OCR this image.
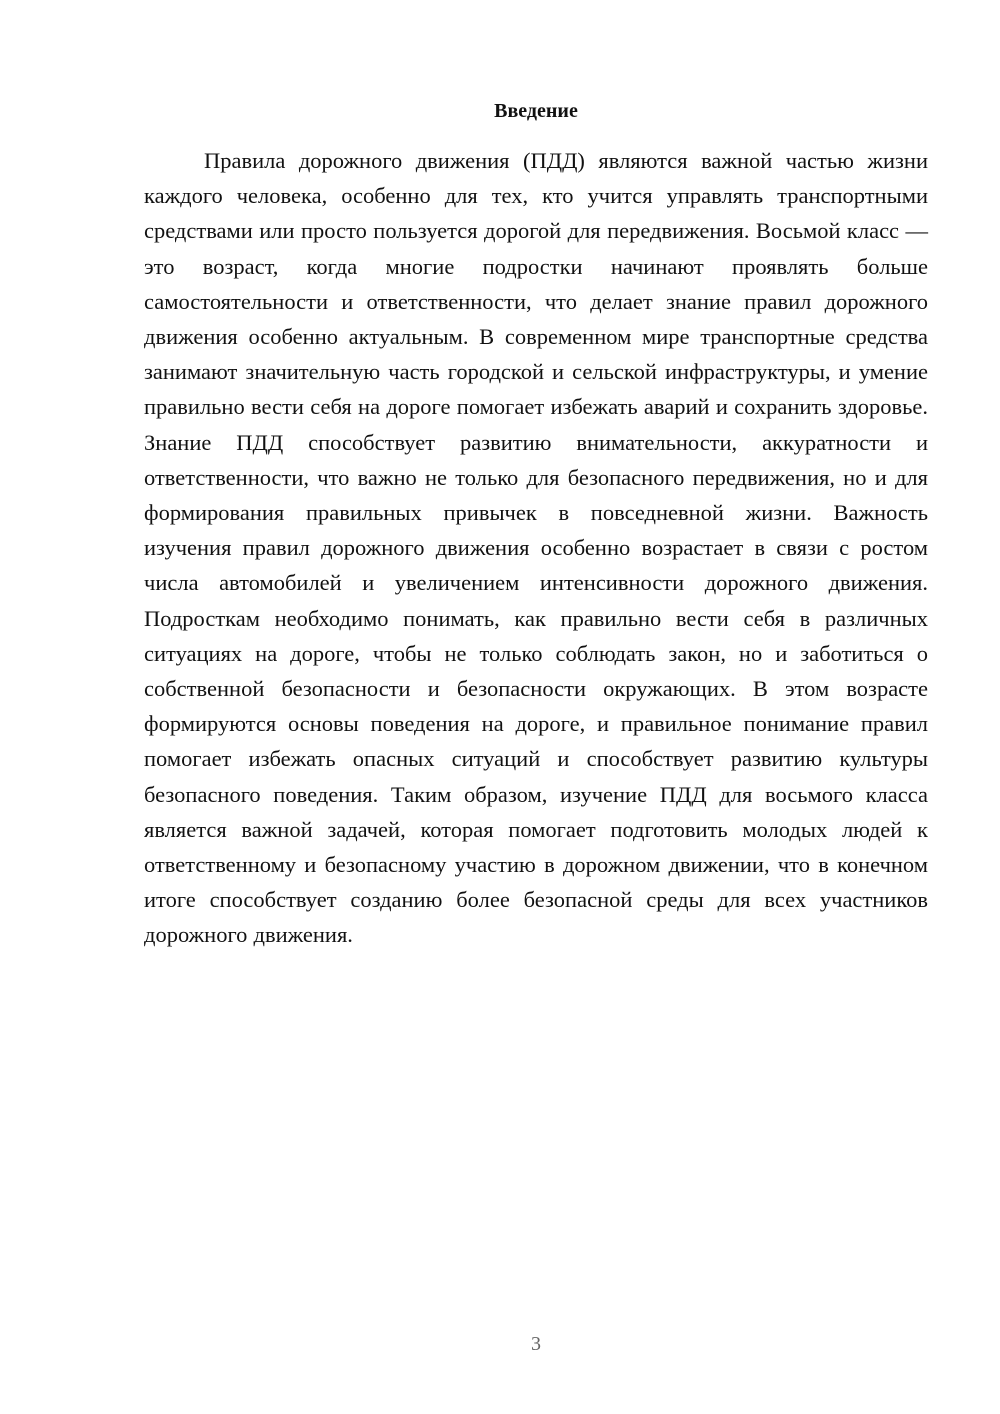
Введение

Правила дорожного движения (ПДД) являются важной частью жизни каждого человека, особенно для тех, кто учится управлять транспортными средствами или просто пользуется дорогой для передвижения. Восьмой класс — это возраст, когда многие подростки начинают проявлять больше самостоятельности и ответственности, что делает знание правил дорожного движения особенно актуальным. В современном мире транспортные средства занимают значительную часть городской и сельской инфраструктуры, и умение правильно вести себя на дороге помогает избежать аварий и сохранить здоровье. Знание ПДД способствует развитию внимательности, аккуратности и ответственности, что важно не только для безопасного передвижения, но и для формирования правильных привычек в повседневной жизни. Важность изучения правил дорожного движения особенно возрастает в связи с ростом числа автомобилей и увеличением интенсивности дорожного движения. Подросткам необходимо понимать, как правильно вести себя в различных ситуациях на дороге, чтобы не только соблюдать закон, но и заботиться о собственной безопасности и безопасности окружающих. В этом возрасте формируются основы поведения на дороге, и правильное понимание правил помогает избежать опасных ситуаций и способствует развитию культуры безопасного поведения. Таким образом, изучение ПДД для восьмого класса является важной задачей, которая помогает подготовить молодых людей к ответственному и безопасному участию в дорожном движении, что в конечном итоге способствует созданию более безопасной среды для всех участников дорожного движения.

3
